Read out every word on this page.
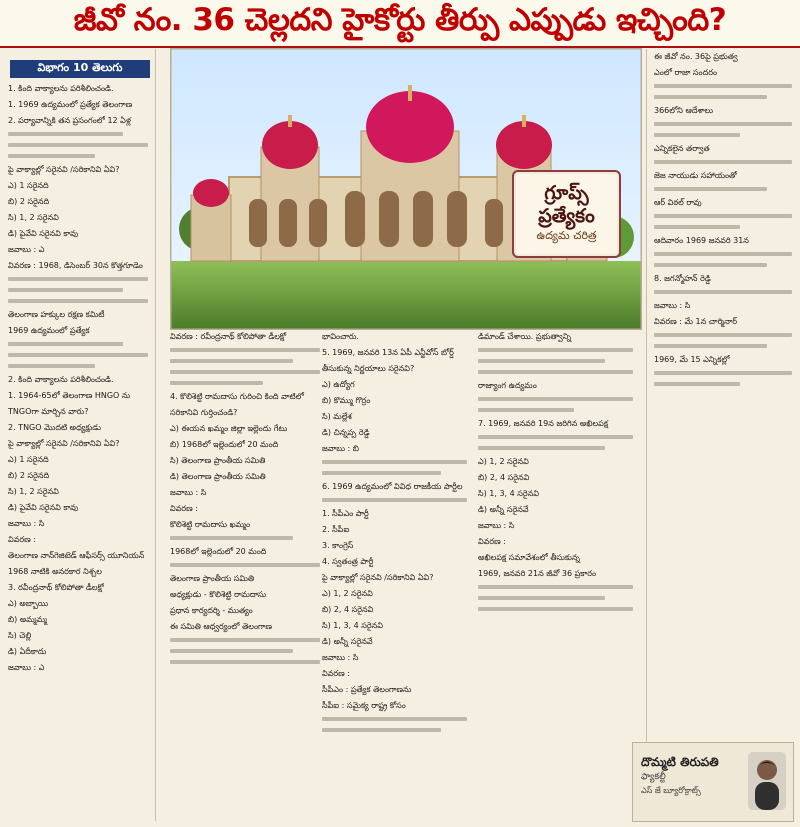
జీవో నం. 36 చెల్లదని హైకోర్టు తీర్పు ఎప్పుడు ఇచ్చింది?
విభాగం 10 తెలుగు
1. కింది వాక్యాలను పరిశీలించండి.
1. 1969 ఉద్యమంలో ప్రత్యేక తెలంగాణ
2. పర్యావాన్నికి తన ప్రసంగంలో 12 ఏళ్ల
పై వాక్యాల్లో సరైనవి /సరికానివి ఏవి?
ఎ) 1 సరైనది
బి) 2 సరైనది
సి) 1, 2 సరైనవి
డి) పైవేవి సరైనవి కావు
జవాబు : ఎ
వివరణ : 1968, డిసెంబర్ 30న కొత్తగూడెం
తెలంగాణ హక్కుల రక్షణ కమిటీ
1969 ఉద్యమంలో ప్రత్యేక
2. కింది వాక్యాలను పరిశీలించండి.
1. 1964-65లో తెలంగాణ HNGO ను
TNGOగా మార్చిన వారు?
2. TNGO మొదటి అధ్యక్షుడు
పై వాక్యాల్లో సరైనవి /సరికానివి ఏవి?
ఎ) 1 సరైనది
బి) 2 సరైనది
సి) 1, 2 సరైనవి
డి) పైవేవి సరైనవి కావు
జవాబు : సి
వివరణ :
తెలంగాణ నాన్‌గెజిటెడ్ ఆఫీసర్స్ యూనియన్
1968 నాటికి అనరకార నిశ్చల
3. రవీంద్రనాథ్ కోలిపోతా డీలక్షో
ఎ) అబ్బాయి
బి) అమ్మమ్మ
సి) చెల్లి
డి) ఏదీకాదు
జవాబు : ఎ
గ్రూప్స్
ప్రత్యేకం
ఉద్యమ చరిత్ర
వివరణ : రవీంద్రనాథ్ కోలిపోతా డీలక్షో
4. కొలిశెట్టి రామదాసు గురించి కింది వాటిలో
సరికానివి గుర్తించండి?
ఎ) ఈయన ఖమ్మం జిల్లా ఇల్లెందు గేటు
బి) 1968లో ఇల్లెందులో 20 మంది
సి) తెలంగాణ ప్రాంతీయ సమితి
డి) తెలంగాణ ప్రాంతీయ సమితి
జవాబు : సి
వివరణ :
కొలిశెట్టి రామదాసు ఖమ్మం
1968లో ఇల్లెందులో 20 మంది
తెలంగాణ ప్రాంతీయ సమితి
అధ్యక్షుడు - కొలిశెట్టి రామదాసు
ప్రధాన కార్యదర్శి - ముత్యం
ఈ సమితి ఆధ్వర్యంలో తెలంగాణ
భావించారు.
5. 1969, జనవరి 13న ఏపీ ఎన్జీవోస్ బోర్డ్
తీసుకున్న నిర్ణయాలు సరైనవి?
ఎ) ఉద్యోగ
బి) కొమ్ము గొర్రం
సి) మల్లేశ
డి) చిన్నప్ప రెడ్డి
జవాబు : బి
6. 1969 ఉద్యమంలో వివిధ రాజకీయ పార్టీల
1. సీపీఎం పార్టీ
2. సీపీఐ
3. కాంగ్రెస్
4. స్వతంత్ర పార్టీ
పై వాక్యాల్లో సరైనవి /సరికానివి ఏవి?
ఎ) 1, 2 సరైనవి
బి) 2, 4 సరైనవి
సి) 1, 3, 4 సరైనవి
డి) అన్నీ సరైనవే
జవాబు : సి
వివరణ :
సీపీఎం : ప్రత్యేక తెలంగాణను
సీపీఐ : సమైక్య రాష్ట్ర కోసం
డిమాండ్ చేశాయి. ప్రభుత్వాన్ని
రాజ్యాంగ ఉద్యమం
7. 1969, జనవరి 19న జరిగిన అఖిలపక్ష
ఎ) 1, 2 సరైనవి
బి) 2, 4 సరైనవి
సి) 1, 3, 4 సరైనవి
డి) అన్నీ సరైనవే
జవాబు : సి
వివరణ :
అఖిలపక్ష సమావేశంలో తీసుకున్న
1969, జనవరి 21న జీవో 36 ప్రకారం
ఈ జీవో నం. 36పై ప్రభుత్వ
ఎంలో రాజా సందరం
366లోని ఆదేశాలు
ఎన్నికలైన తర్వాత
జెజ నాయుడు సహాయంతో
ఆర్‌ విఠల్‌ రావు
ఆదివారం 1969 జనవరి 31న
8. జగన్మోహన్‌ రెడ్డి
జవాబు : సి
వివరణ : మే 1న చార్మినార్
1969, మే 15 ఎన్నికల్లో
దొమ్మటి తిరుపతి
ఫ్యాకల్టీ
ఎస్‌ జే బ్యూరోక్రాట్స్
